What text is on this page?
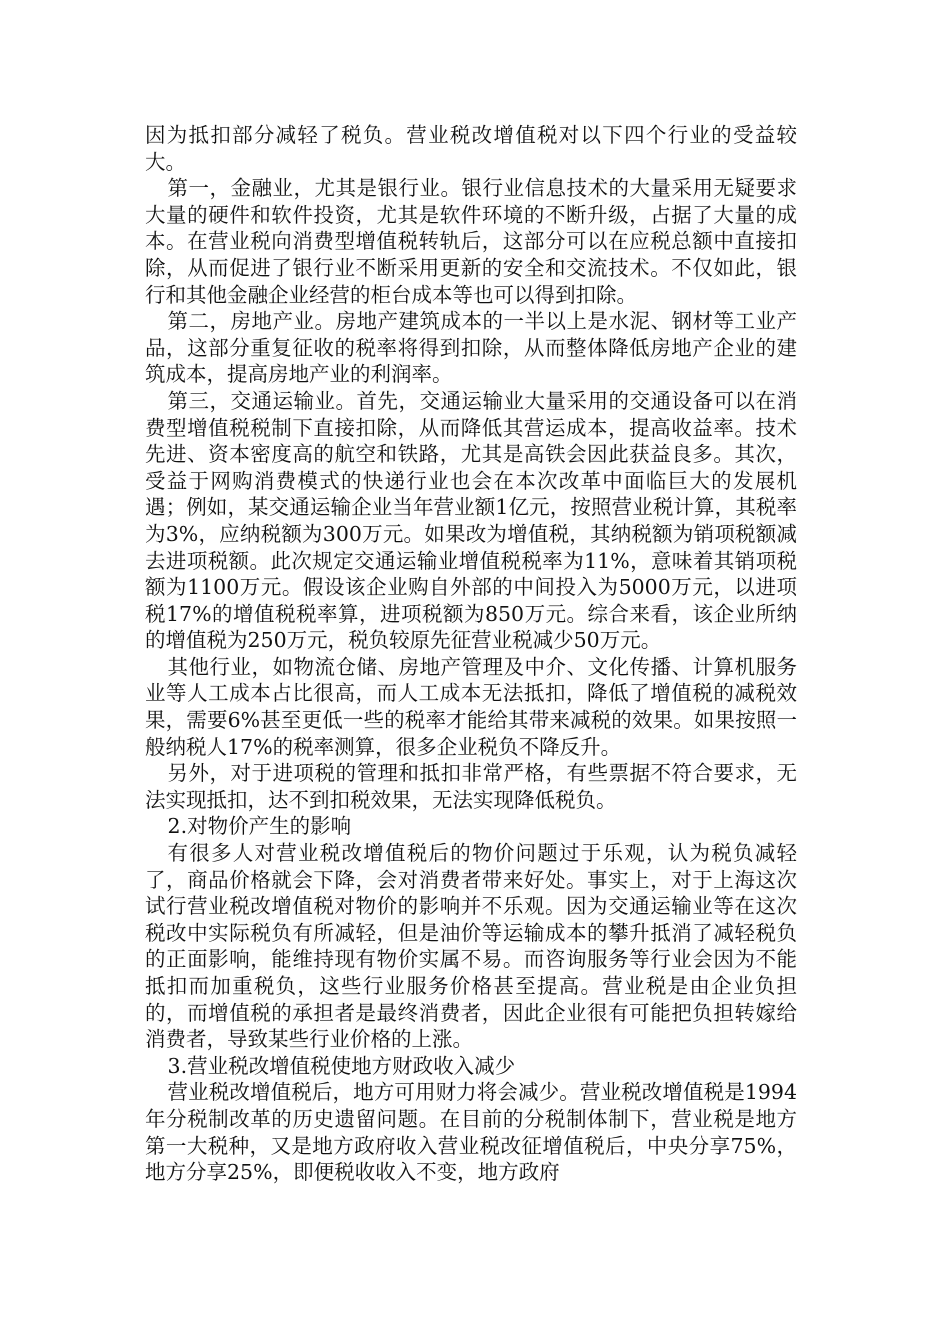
因为抵扣部分减轻了税负。营业税改增值税对以下四个行业的受益较大。

第一，金融业，尤其是银行业。银行业信息技术的大量采用无疑要求大量的硬件和软件投资，尤其是软件环境的不断升级，占据了大量的成本。在营业税向消费型增值税转轨后，这部分可以在应税总额中直接扣除，从而促进了银行业不断采用更新的安全和交流技术。不仅如此，银行和其他金融企业经营的柜台成本等也可以得到扣除。

第二，房地产业。房地产建筑成本的一半以上是水泥、钢材等工业产品，这部分重复征收的税率将得到扣除，从而整体降低房地产企业的建筑成本，提高房地产业的利润率。

第三，交通运输业。首先，交通运输业大量采用的交通设备可以在消费型增值税税制下直接扣除，从而降低其营运成本，提高收益率。技术先进、资本密度高的航空和铁路，尤其是高铁会因此获益良多。其次，受益于网购消费模式的快递行业也会在本次改革中面临巨大的发展机遇；例如，某交通运输企业当年营业额1亿元，按照营业税计算，其税率为3%，应纳税额为300万元。如果改为增值税，其纳税额为销项税额减去进项税额。此次规定交通运输业增值税税率为11%，意味着其销项税额为1100万元。假设该企业购自外部的中间投入为5000万元，以进项税17%的增值税税率算，进项税额为850万元。综合来看，该企业所纳的增值税为250万元，税负较原先征营业税减少50万元。

其他行业，如物流仓储、房地产管理及中介、文化传播、计算机服务业等人工成本占比很高，而人工成本无法抵扣，降低了增值税的减税效果，需要6%甚至更低一些的税率才能给其带来减税的效果。如果按照一般纳税人17%的税率测算，很多企业税负不降反升。

另外，对于进项税的管理和抵扣非常严格，有些票据不符合要求，无法实现抵扣，达不到扣税效果，无法实现降低税负。

2.对物价产生的影响

有很多人对营业税改增值税后的物价问题过于乐观，认为税负减轻了，商品价格就会下降，会对消费者带来好处。事实上，对于上海这次试行营业税改增值税对物价的影响并不乐观。因为交通运输业等在这次税改中实际税负有所减轻，但是油价等运输成本的攀升抵消了减轻税负的正面影响，能维持现有物价实属不易。而咨询服务等行业会因为不能抵扣而加重税负，这些行业服务价格甚至提高。营业税是由企业负担的，而增值税的承担者是最终消费者，因此企业很有可能把负担转嫁给消费者，导致某些行业价格的上涨。

3.营业税改增值税使地方财政收入减少

营业税改增值税后，地方可用财力将会减少。营业税改增值税是1994年分税制改革的历史遗留问题。在目前的分税制体制下，营业税是地方第一大税种，又是地方政府收入营业税改征增值税后，中央分享75%，地方分享25%，即便税收收入不变，地方政府
